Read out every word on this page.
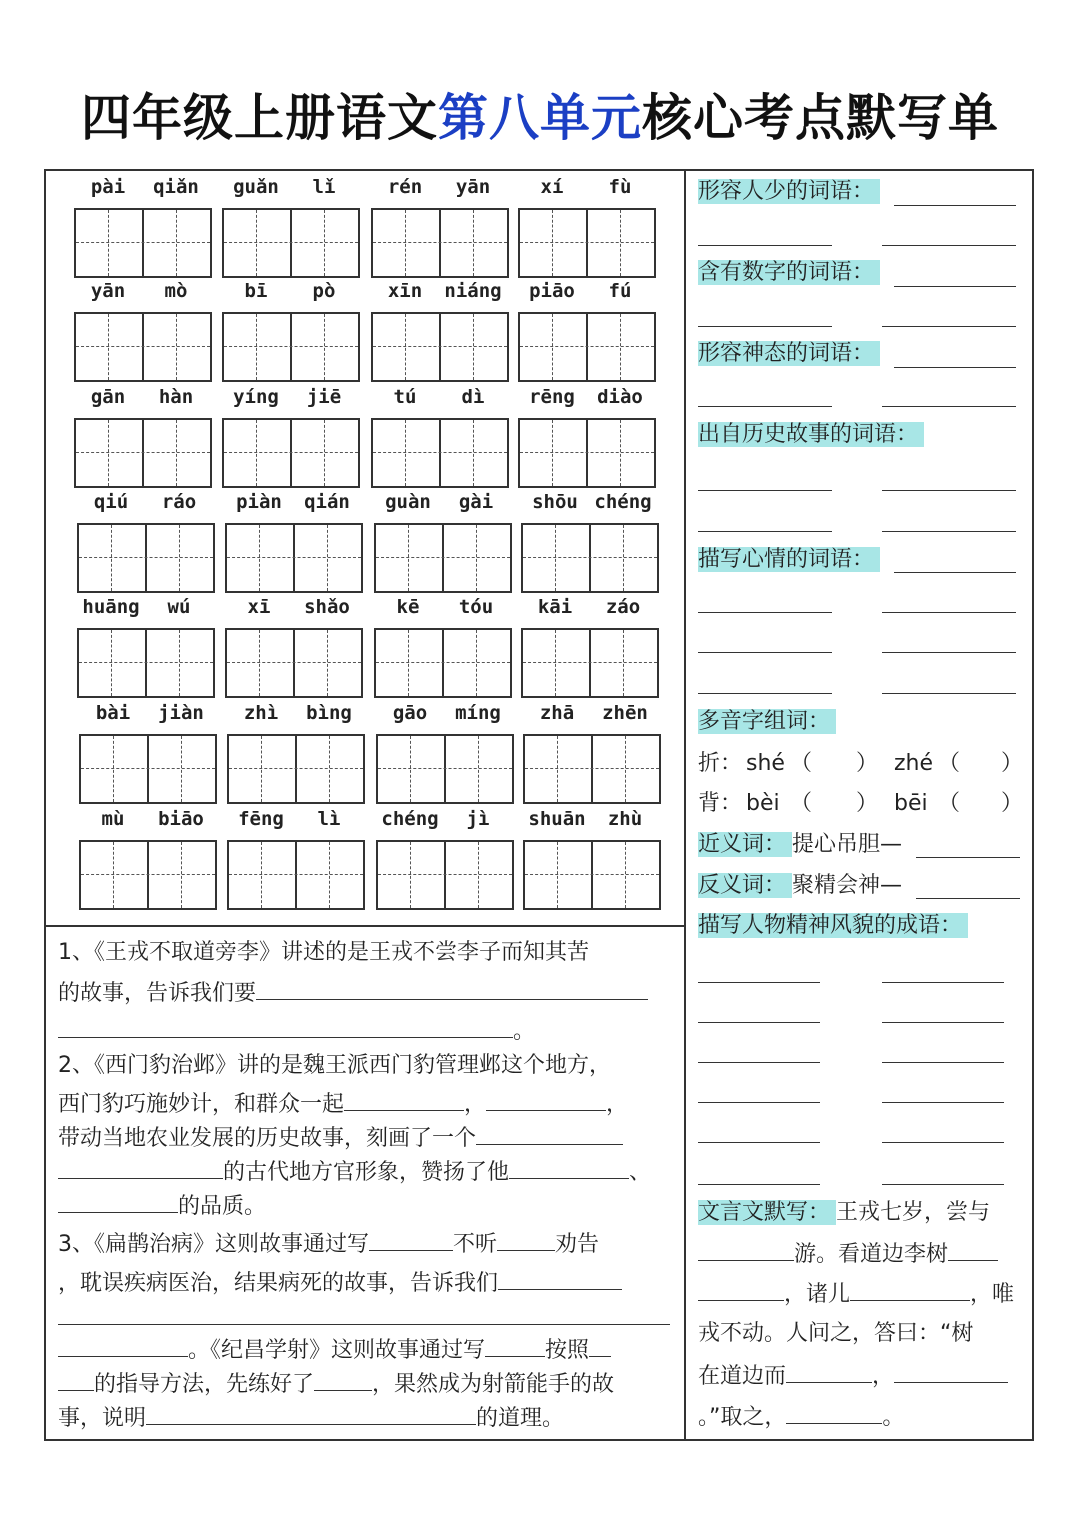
四年级上册语文第八单元核心考点默写单
pài	qiǎn	guǎn	lǐ	rén	yān	xí	fù
yān	mò	bī	pò	xīn	niáng	piāo	fú
gān	hàn	yíng	jiē	tú	dì	rēng	diào
qiú	ráo	piàn	qián	guàn	gài	shōu chéng
huāng	wú	xī	shǎo	kē	tóu	kāi	záo
bài	jiàn	zhì	bìng	gāo	míng	zhā	zhēn
mù	biāo	fēng	lì	chéng	jì	shuān	zhù
1、《王戎不取道旁李》讲述的是王戎不尝李子而知其苦
的故事，告诉我们要
。
2、《西门豹治邺》讲的是魏王派西门豹管理邺这个地方，
西门豹巧施妙计，和群众一起	，	，
带动当地农业发展的历史故事，刻画了一个
的古代地方官形象，赞扬了他	、
的品质。
3、《扁鹊治病》这则故事通过写	不听	劝告
，耽误疾病医治，结果病死的故事，告诉我们
。《纪昌学射》这则故事通过写	按照
的指导方法，先练好了	，果然成为射箭能手的故
事，说明	的道理。
形容人少的词语：
含有数字的词语：
形容神态的词语：
出自历史故事的词语：
描写心情的词语：
多音字组词：
折： shé （ ） zhé （ ）
背： bèi （ ） bēi （ ）
近义词： 提心吊胆—
反义词： 聚精会神—
描写人物精神风貌的成语：
文言文默写： 王戎七岁，尝与
游。看道边李树
，诸儿	，唯
戎不动。人问之，答曰：“树
在道边而	，
。”取之，	。
